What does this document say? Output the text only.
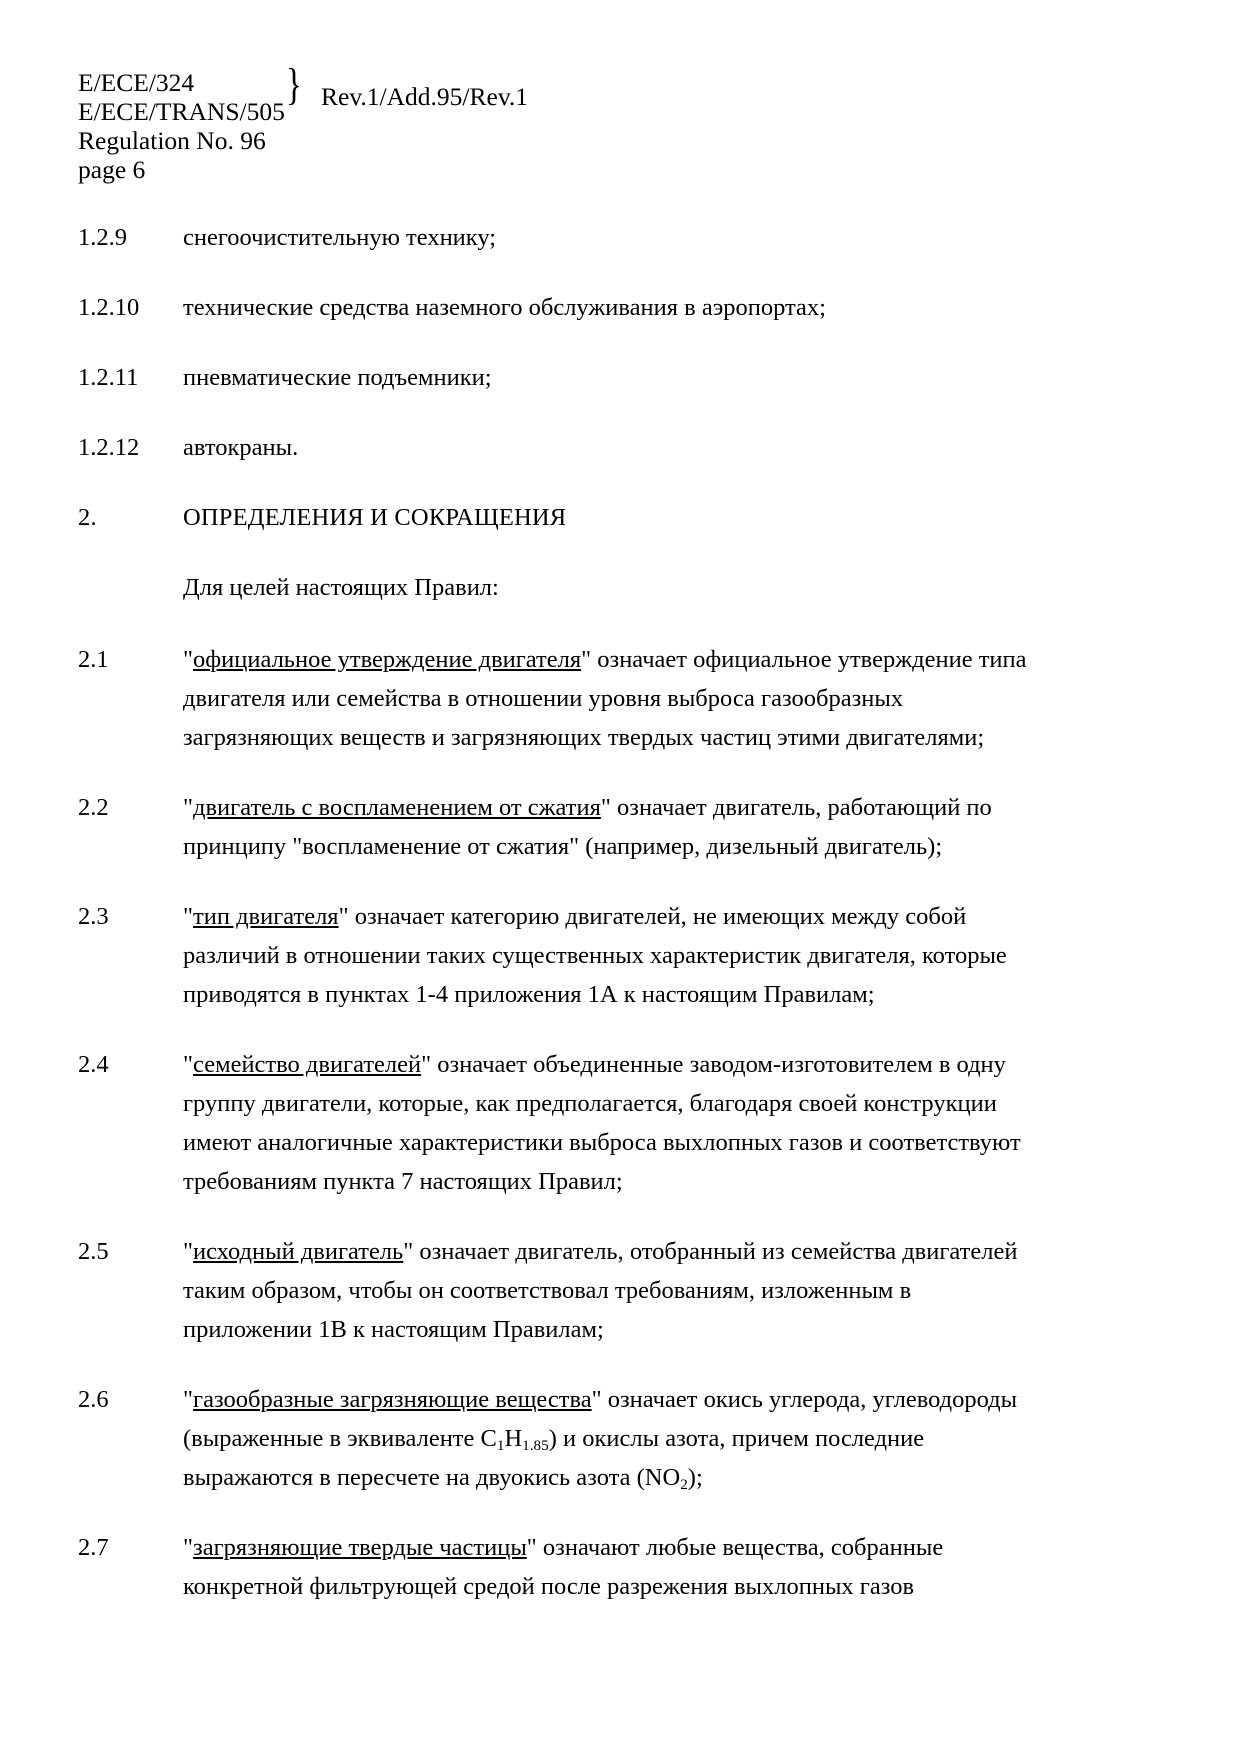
E/ECE/324
E/ECE/TRANS/505
} Rev.1/Add.95/Rev.1
Regulation No. 96
page 6
1.2.9	снегоочистительную технику;
1.2.10	технические средства наземного обслуживания в аэропортах;
1.2.11	пневматические подъемники;
1.2.12	автокраны.
2.	ОПРЕДЕЛЕНИЯ И СОКРАЩЕНИЯ
Для целей настоящих Правил:
2.1	"официальное утверждение двигателя" означает официальное утверждение типа двигателя или семейства в отношении уровня выброса газообразных загрязняющих веществ и загрязняющих твердых частиц этими двигателями;
2.2	"двигатель с воспламенением от сжатия" означает двигатель, работающий по принципу "воспламенение от сжатия" (например, дизельный двигатель);
2.3	"тип двигателя" означает категорию двигателей, не имеющих между собой различий в отношении таких существенных характеристик двигателя, которые приводятся в пунктах 1-4 приложения 1А к настоящим Правилам;
2.4	"семейство двигателей" означает объединенные заводом-изготовителем в одну группу двигатели, которые, как предполагается, благодаря своей конструкции имеют аналогичные характеристики выброса выхлопных газов и соответствуют требованиям пункта 7 настоящих Правил;
2.5	"исходный двигатель" означает двигатель, отобранный из семейства двигателей таким образом, чтобы он соответствовал требованиям, изложенным в приложении 1В к настоящим Правилам;
2.6	"газообразные загрязняющие вещества" означает окись углерода, углеводороды (выраженные в эквиваленте $C_1H_{1.85}$) и окислы азота, причем последние выражаются в пересчете на двуокись азота $(NO_2)$;
2.7	"загрязняющие твердые частицы" означают любые вещества, собранные конкретной фильтрующей средой после разрежения выхлопных газов
